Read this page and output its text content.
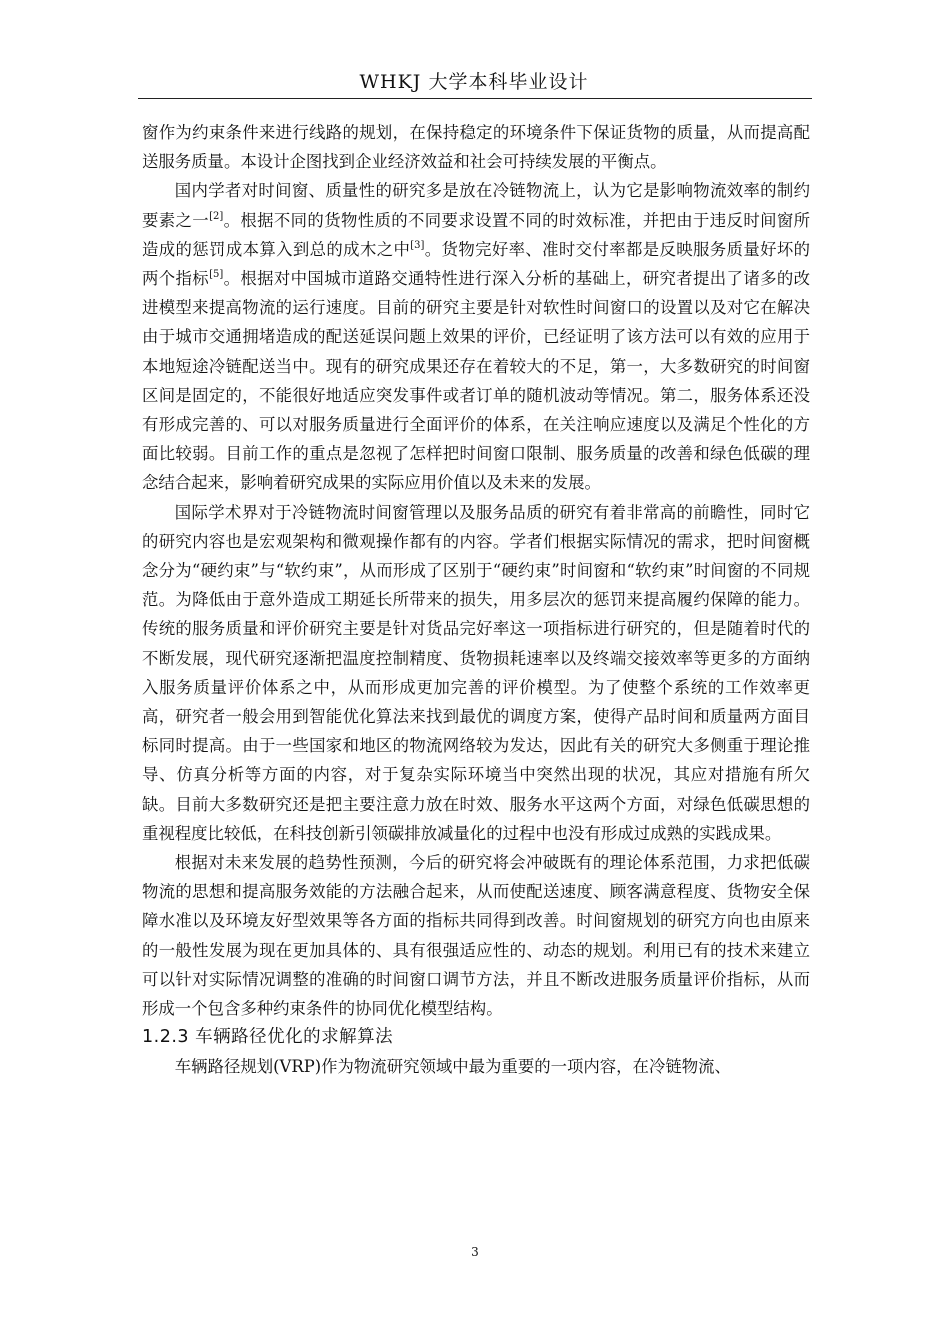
WHKJ 大学本科毕业设计

窗作为约束条件来进行线路的规划，在保持稳定的环境条件下保证货物的质量，从而提高配送服务质量。本设计企图找到企业经济效益和社会可持续发展的平衡点。

国内学者对时间窗、质量性的研究多是放在冷链物流上，认为它是影响物流效率的制约要素之一[2]。根据不同的货物性质的不同要求设置不同的时效标准，并把由于违反时间窗所造成的惩罚成本算入到总的成木之中[3]。货物完好率、准时交付率都是反映服务质量好坏的两个指标[5]。根据对中国城市道路交通特性进行深入分析的基础上，研究者提出了诸多的改进模型来提高物流的运行速度。目前的研究主要是针对软性时间窗口的设置以及对它在解决由于城市交通拥堵造成的配送延误问题上效果的评价，已经证明了该方法可以有效的应用于本地短途冷链配送当中。现有的研究成果还存在着较大的不足，第一，大多数研究的时间窗区间是固定的，不能很好地适应突发事件或者订单的随机波动等情况。第二，服务体系还没有形成完善的、可以对服务质量进行全面评价的体系，在关注响应速度以及满足个性化的方面比较弱。目前工作的重点是忽视了怎样把时间窗口限制、服务质量的改善和绿色低碳的理念结合起来，影响着研究成果的实际应用价值以及未来的发展。

国际学术界对于冷链物流时间窗管理以及服务品质的研究有着非常高的前瞻性，同时它的研究内容也是宏观架构和微观操作都有的内容。学者们根据实际情况的需求，把时间窗概念分为“硬约束”与“软约束”，从而形成了区别于“硬约束”时间窗和“软约束”时间窗的不同规范。为降低由于意外造成工期延长所带来的损失，用多层次的惩罚来提高履约保障的能力。传统的服务质量和评价研究主要是针对货品完好率这一项指标进行研究的，但是随着时代的不断发展，现代研究逐渐把温度控制精度、货物损耗速率以及终端交接效率等更多的方面纳入服务质量评价体系之中，从而形成更加完善的评价模型。为了使整个系统的工作效率更高，研究者一般会用到智能优化算法来找到最优的调度方案，使得产品时间和质量两方面目标同时提高。由于一些国家和地区的物流网络较为发达，因此有关的研究大多侧重于理论推导、仿真分析等方面的内容，对于复杂实际环境当中突然出现的状况，其应对措施有所欠缺。目前大多数研究还是把主要注意力放在时效、服务水平这两个方面，对绿色低碳思想的重视程度比较低，在科技创新引领碳排放减量化的过程中也没有形成过成熟的实践成果。

根据对未来发展的趋势性预测，今后的研究将会冲破既有的理论体系范围，力求把低碳物流的思想和提高服务效能的方法融合起来，从而使配送速度、顾客满意程度、货物安全保障水准以及环境友好型效果等各方面的指标共同得到改善。时间窗规划的研究方向也由原来的一般性发展为现在更加具体的、具有很强适应性的、动态的规划。利用已有的技术来建立可以针对实际情况调整的准确的时间窗口调节方法，并且不断改进服务质量评价指标，从而形成一个包含多种约束条件的协同优化模型结构。

1.2.3 车辆路径优化的求解算法

车辆路径规划(VRP)作为物流研究领域中最为重要的一项内容，在冷链物流、

3
